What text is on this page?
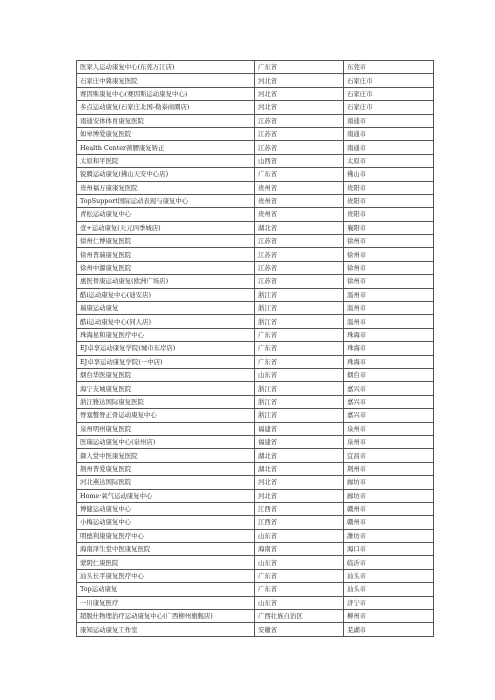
医家人运动康复中心(东莞万江店)	广东省	东莞市
石家庄中冀康复医院	河北省	石家庄市
赛因斯康复中心(赛因斯运动康复中心)	河北省	石家庄市
多点运动康复(石家庄北国-勒泰商圈店)	河北省	石家庄市
南通安体体育康复医院	江苏省	南通市
如皋博爱康复医院	江苏省	南通市
Health Center颈腰康复矫正	江苏省	南通市
太原和平医院	山西省	太原市
锐腾运动康复(佛山天安中心店)	广东省	佛山市
贵州福万康康复医院	贵州省	贵阳市
TopSupport国际运动表现与康复中心	贵州省	贵阳市
青松运动康复中心	贵州省	贵阳市
壹+运动康复(天元四季城店)	湖北省	襄阳市
徐州仁博康复医院	江苏省	徐州市
徐州普瑞康复医院	江苏省	徐州市
徐州中源康复医院	江苏省	徐州市
惠医骨康运动康复(欧洲广场店)	江苏省	徐州市
酷i运动康复中心(迪安店)	浙江省	温州市
瑞康运动康复	浙江省	温州市
酷i运动康复中心(同人店)	浙江省	温州市
珠海星和康复医疗中心	广东省	珠海市
EJ卓享运动康复学院(城市东岸店)	广东省	珠海市
EJ卓享运动康复学院(一中店)	广东省	珠海市
烟台华医康复医院	山东省	烟台市
海宁友城康复医院	浙江省	嘉兴市
浙江雅达国际康复医院	浙江省	嘉兴市
脊塞整脊正骨运动康复中心	浙江省	嘉兴市
泉州明州康复医院	福建省	泉州市
医瑞运动康复中心(泉州店)	福建省	泉州市
御人堂中医康复医院	湖北省	宜昌市
荆州普爱康复医院	湖北省	荆州市
河北燕达国际医院	河北省	廊坊市
Home·氧气运动康复中心	河北省	廊坊市
博健运动康复中心	江西省	赣州市
小梅运动康复中心	江西省	赣州市
明德利康康复医疗中心	山东省	潍坊市
海南泽生堂中医康复医院	海南省	海口市
蒙阴仁康医院	山东省	临沂市
汕头长平康复医疗中心	广东省	汕头市
Top运动康复	广东省	汕头市
一川康复医疗	山东省	济宁市
超脱仕物理治疗运动康复中心(广西柳州旗舰店)	广西壮族自治区	柳州市
康知运动康复工作室	安徽省	芜湖市
